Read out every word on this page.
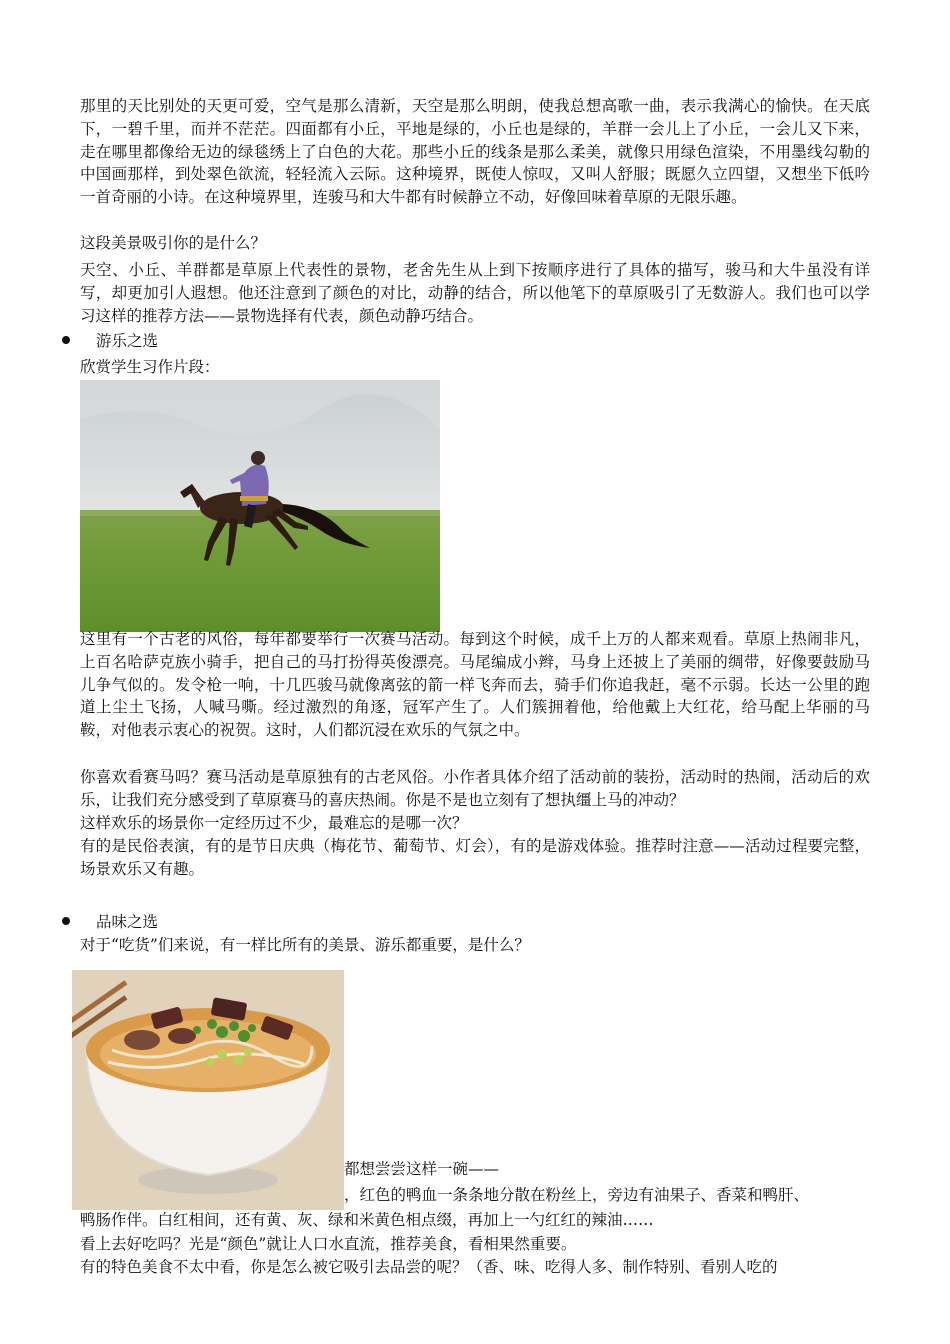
那里的天比别处的天更可爱，空气是那么清新，天空是那么明朗，使我总想高歌一曲，表示我满心的愉快。在天底下，一碧千里，而并不茫茫。四面都有小丘，平地是绿的，小丘也是绿的，羊群一会儿上了小丘，一会儿又下来，走在哪里都像给无边的绿毯绣上了白色的大花。那些小丘的线条是那么柔美，就像只用绿色渲染，不用墨线勾勒的中国画那样，到处翠色欲流，轻轻流入云际。这种境界，既使人惊叹，又叫人舒服；既愿久立四望，又想坐下低吟一首奇丽的小诗。在这种境界里，连骏马和大牛都有时候静立不动，好像回味着草原的无限乐趣。

这段美景吸引你的是什么？

天空、小丘、羊群都是草原上代表性的景物，老舍先生从上到下按顺序进行了具体的描写，骏马和大牛虽没有详写，却更加引人遐想。他还注意到了颜色的对比，动静的结合，所以他笔下的草原吸引了无数游人。我们也可以学习这样的推荐方法——景物选择有代表，颜色动静巧结合。

游乐之选

欣赏学生习作片段：

这里有一个古老的风俗，每年都要举行一次赛马活动。每到这个时候，成千上万的人都来观看。草原上热闹非凡，上百名哈萨克族小骑手，把自己的马打扮得英俊漂亮。马尾编成小辫，马身上还披上了美丽的绸带，好像要鼓励马儿争气似的。发令枪一响，十几匹骏马就像离弦的箭一样飞奔而去，骑手们你追我赶，毫不示弱。长达一公里的跑道上尘土飞扬，人喊马嘶。经过激烈的角逐，冠军产生了。人们簇拥着他，给他戴上大红花，给马配上华丽的马鞍，对他表示衷心的祝贺。这时，人们都沉浸在欢乐的气氛之中。

你喜欢看赛马吗？赛马活动是草原独有的古老风俗。小作者具体介绍了活动前的装扮，活动时的热闹，活动后的欢乐，让我们充分感受到了草原赛马的喜庆热闹。你是不是也立刻有了想执缰上马的冲动？

这样欢乐的场景你一定经历过不少，最难忘的是哪一次？

有的是民俗表演，有的是节日庆典（梅花节、葡萄节、灯会），有的是游戏体验。推荐时注意——活动过程要完整，场景欢乐又有趣。

品味之选

对于“吃货”们来说，有一样比所有的美景、游乐都重要，是什么？

都想尝尝这样一碗——
，红色的鸭血一条条地分散在粉丝上，旁边有油果子、香菜和鸭肝、

鸭肠作伴。白红相间，还有黄、灰、绿和米黄色相点缀，再加上一勺红红的辣油……

看上去好吃吗？光是“颜色”就让人口水直流，推荐美食，看相果然重要。

有的特色美食不太中看，你是怎么被它吸引去品尝的呢？（香、味、吃得人多、制作特别、看别人吃的
